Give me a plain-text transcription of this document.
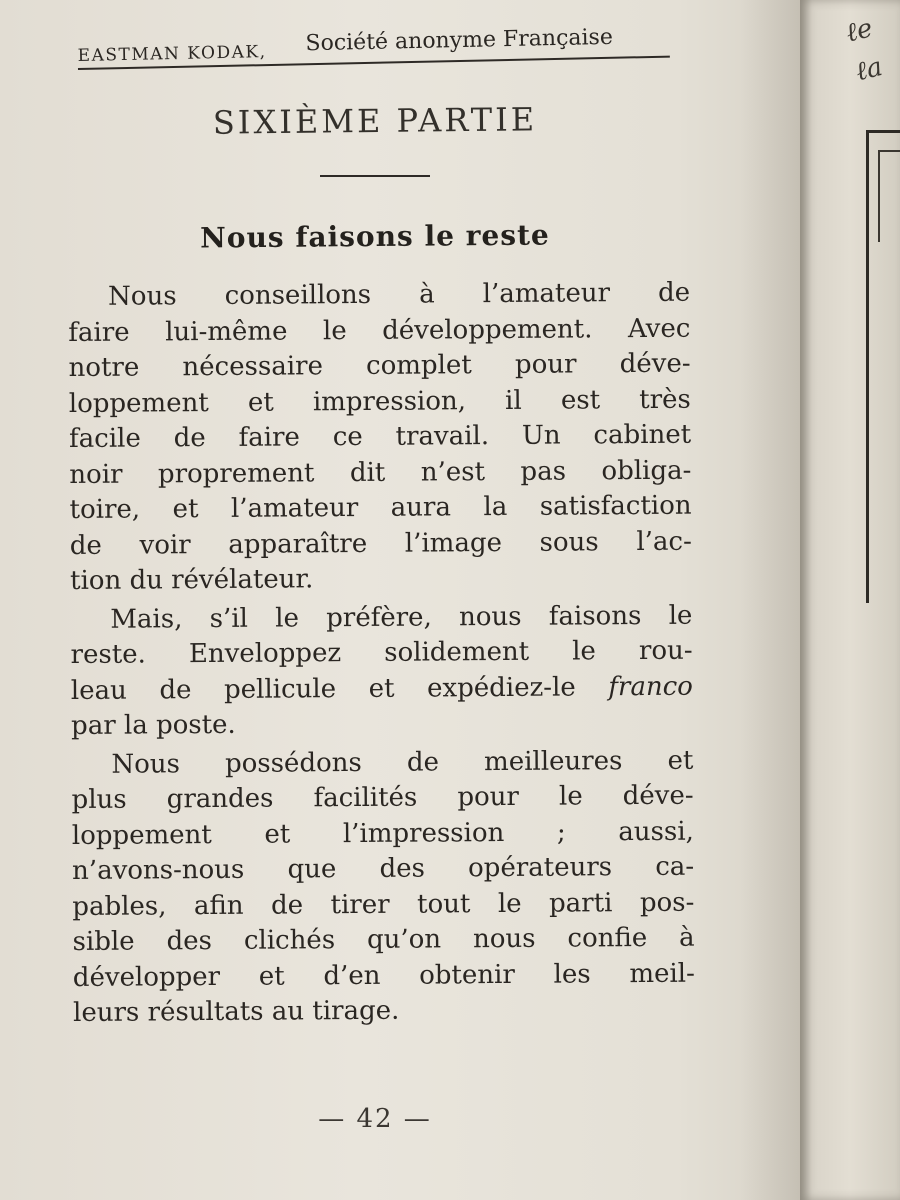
EASTMAN KODAK, Société anonyme Française
SIXIÈME PARTIE
Nous faisons le reste
Nous conseillons à l’amateur de
faire lui-même le développement. Avec
notre nécessaire complet pour déve-
loppement et impression, il est très
facile de faire ce travail. Un cabinet
noir proprement dit n’est pas obliga-
toire, et l’amateur aura la satisfaction
de voir apparaître l’image sous l’ac-
tion du révélateur.
Mais, s’il le préfère, nous faisons le
reste. Enveloppez solidement le rou-
leau de pellicule et expédiez-le franco
par la poste.
Nous possédons de meilleures et
plus grandes facilités pour le déve-
loppement et l’impression ; aussi,
n’avons-nous que des opérateurs ca-
pables, afin de tirer tout le parti pos-
sible des clichés qu’on nous confie à
développer et d’en obtenir les meil-
leurs résultats au tirage.
— 42 —
ℓe
ℓa
